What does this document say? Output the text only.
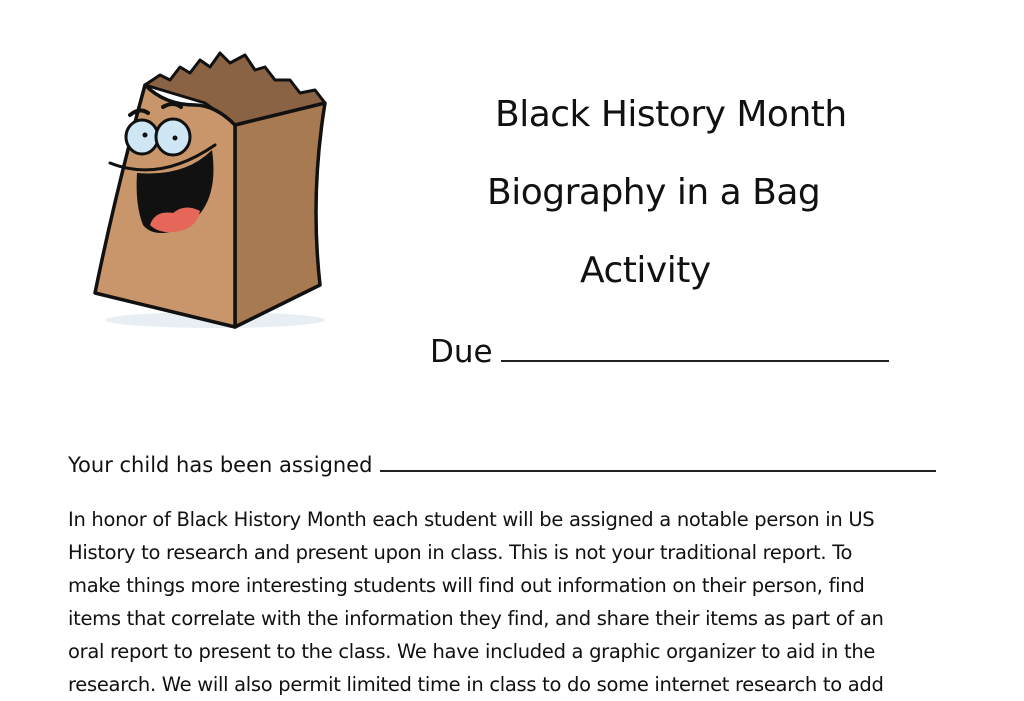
Black History Month
Biography in a Bag
Activity
Due
Your child has been assigned
In honor of Black History Month each student will be assigned a notable person in US
History to research and present upon in class. This is not your traditional report. To
make things more interesting students will find out information on their person, find
items that correlate with the information they find, and share their items as part of an
oral report to present to the class. We have included a graphic organizer to aid in the
research. We will also permit limited time in class to do some internet research to add
